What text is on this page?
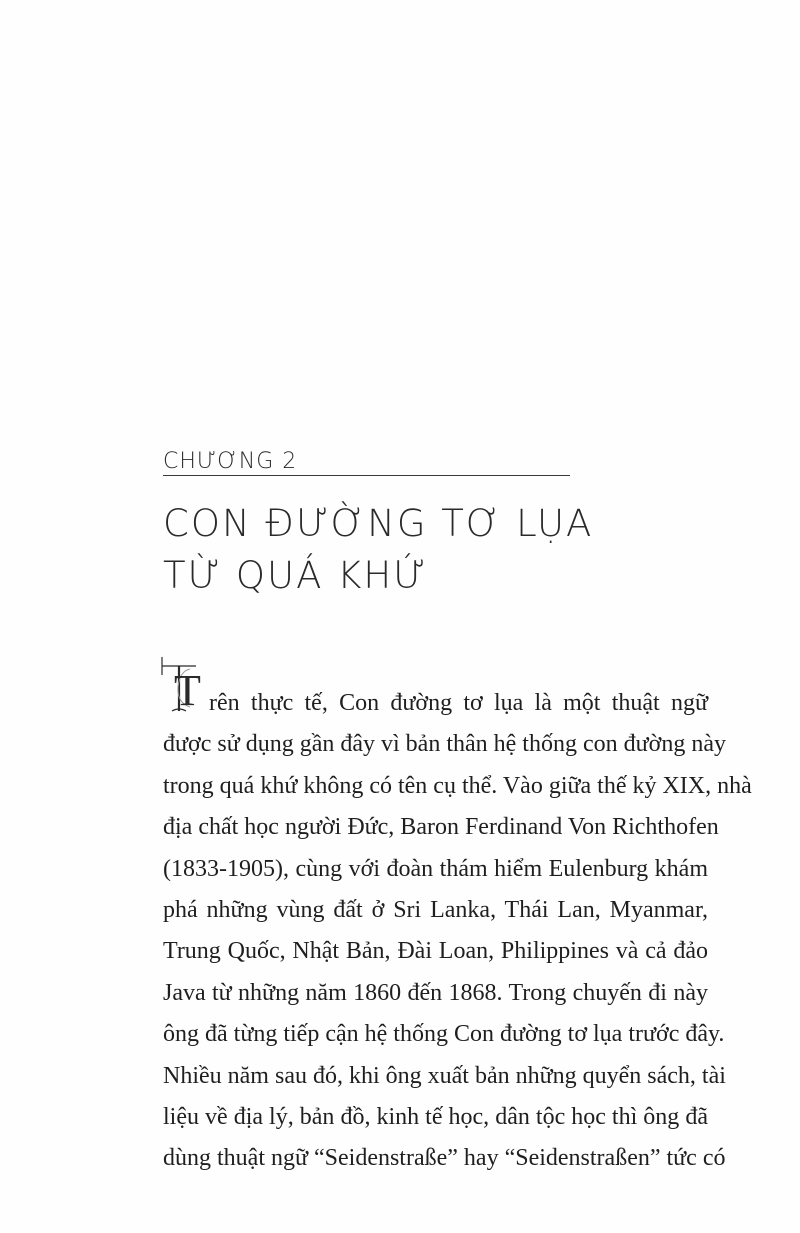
CHƯƠNG 2
CON ĐƯỜNG TƠ LỤA
TỪ QUÁ KHỨ
T rên thực tế, Con đường tơ lụa là một thuật ngữ
được sử dụng gần đây vì bản thân hệ thống con đường này
trong quá khứ không có tên cụ thể. Vào giữa thế kỷ XIX, nhà
địa chất học người Đức, Baron Ferdinand Von Richthofen
(1833-1905), cùng với đoàn thám hiểm Eulenburg khám
phá những vùng đất ở Sri Lanka, Thái Lan, Myanmar,
Trung Quốc, Nhật Bản, Đài Loan, Philippines và cả đảo
Java từ những năm 1860 đến 1868. Trong chuyến đi này
ông đã từng tiếp cận hệ thống Con đường tơ lụa trước đây.
Nhiều năm sau đó, khi ông xuất bản những quyển sách, tài
liệu về địa lý, bản đồ, kinh tế học, dân tộc học thì ông đã
dùng thuật ngữ “Seidenstraße” hay “Seidenstraßen” tức có
